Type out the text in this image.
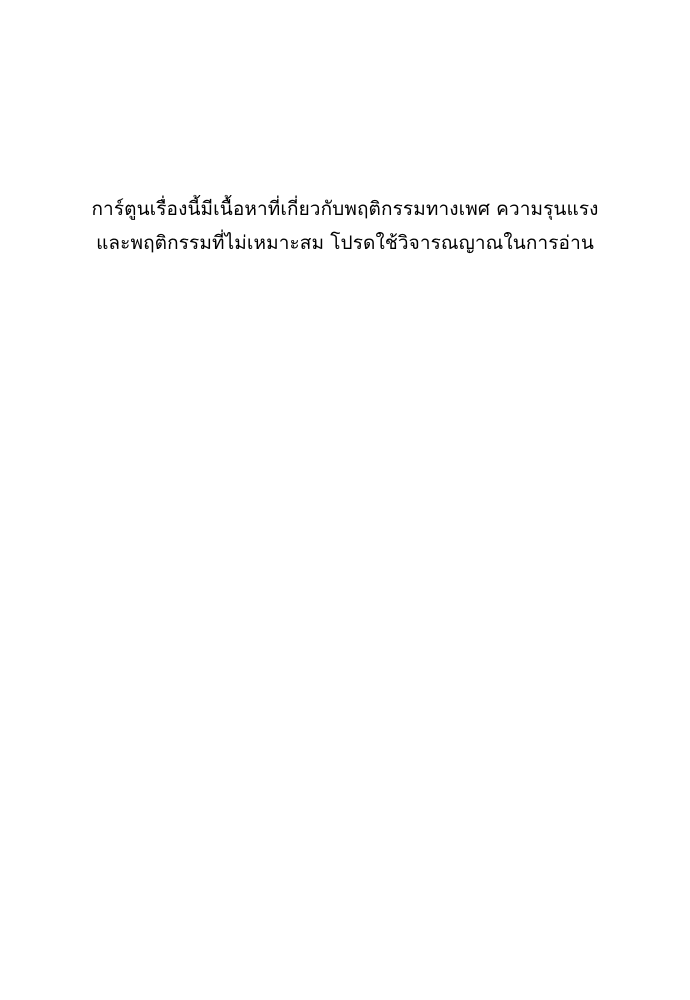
การ์ตูนเรื่องนี้มีเนื้อหาที่เกี่ยวกับพฤติกรรมทางเพศ ความรุนแรง
และพฤติกรรมที่ไม่เหมาะสม โปรดใช้วิจารณญาณในการอ่าน
